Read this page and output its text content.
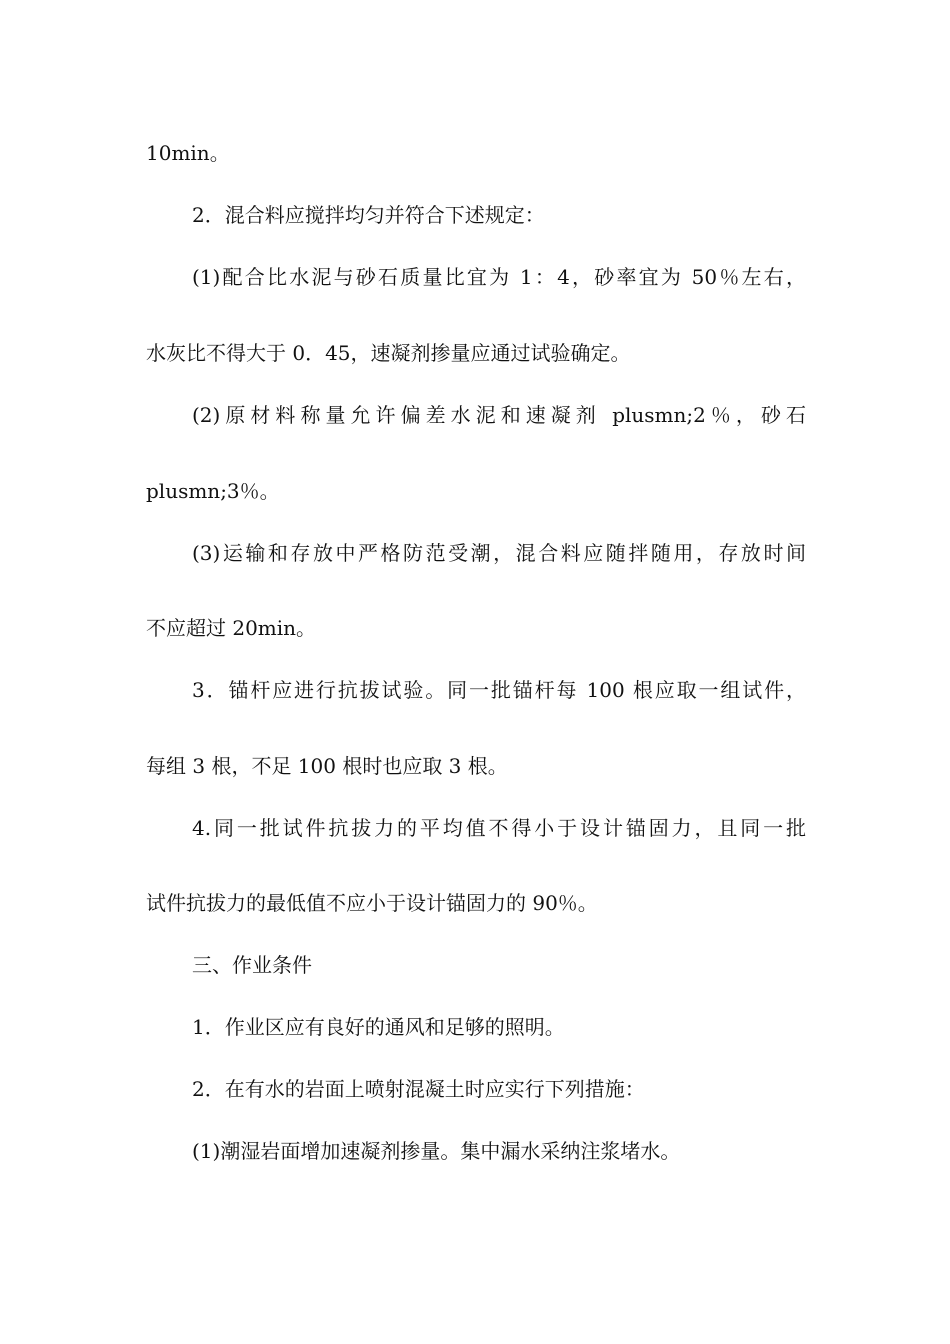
10min。
2．混合料应搅拌均匀并符合下述规定：
(1)配合比水泥与砂石质量比宜为 1：4，砂率宜为 50％左右，
水灰比不得大于 0．45，速凝剂掺量应通过试验确定。
(2)原材料称量允许偏差水泥和速凝剂 plusmn;2％，砂石
plusmn;3％。
(3)运输和存放中严格防范受潮，混合料应随拌随用，存放时间
不应超过 20min。
3．锚杆应进行抗拔试验。同一批锚杆每 100 根应取一组试件，
每组 3 根，不足 100 根时也应取 3 根。
4.同一批试件抗拔力的平均值不得小于设计锚固力，且同一批
试件抗拔力的最低值不应小于设计锚固力的 90％。
三、作业条件
1．作业区应有良好的通风和足够的照明。
2．在有水的岩面上喷射混凝土时应实行下列措施：
(1)潮湿岩面增加速凝剂掺量。集中漏水采纳注浆堵水。
